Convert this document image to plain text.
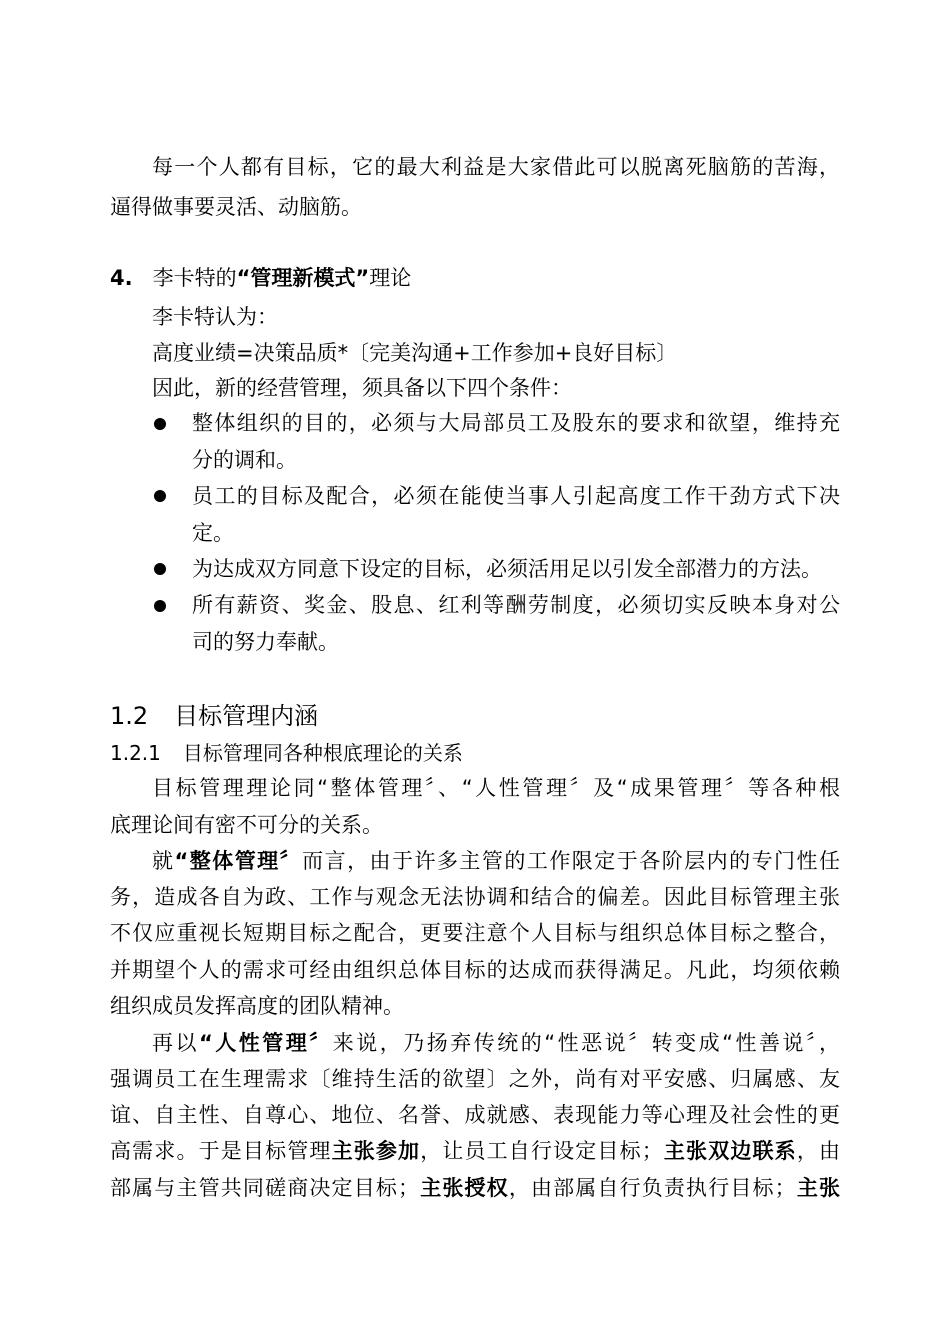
每一个人都有目标，它的最大利益是大家借此可以脱离死脑筋的苦海，
逼得做事要灵活、动脑筋。
4. 李卡特的“管理新模式”理论
李卡特认为：
高度业绩=决策品质*〔完美沟通+工作参加+良好目标〕
因此，新的经营管理，须具备以下四个条件：
整体组织的目的，必须与大局部员工及股东的要求和欲望，维持充
分的调和。
员工的目标及配合，必须在能使当事人引起高度工作干劲方式下决
定。
为达成双方同意下设定的目标，必须活用足以引发全部潜力的方法。
所有薪资、奖金、股息、红利等酬劳制度，必须切实反映本身对公
司的努力奉献。
1.2 目标管理内涵
1.2.1 目标管理同各种根底理论的关系
目标管理理论同“整体管理〞、“人性管理〞及“成果管理〞等各种根
底理论间有密不可分的关系。
就“整体管理〞而言，由于许多主管的工作限定于各阶层内的专门性任
务，造成各自为政、工作与观念无法协调和结合的偏差。因此目标管理主张
不仅应重视长短期目标之配合，更要注意个人目标与组织总体目标之整合，
并期望个人的需求可经由组织总体目标的达成而获得满足。凡此，均须依赖
组织成员发挥高度的团队精神。
再以“人性管理〞来说，乃扬弃传统的“性恶说〞转变成“性善说〞，
强调员工在生理需求〔维持生活的欲望〕之外，尚有对平安感、归属感、友
谊、自主性、自尊心、地位、名誉、成就感、表现能力等心理及社会性的更
高需求。于是目标管理主张参加，让员工自行设定目标；主张双边联系，由
部属与主管共同磋商决定目标；主张授权，由部属自行负责执行目标；主张
